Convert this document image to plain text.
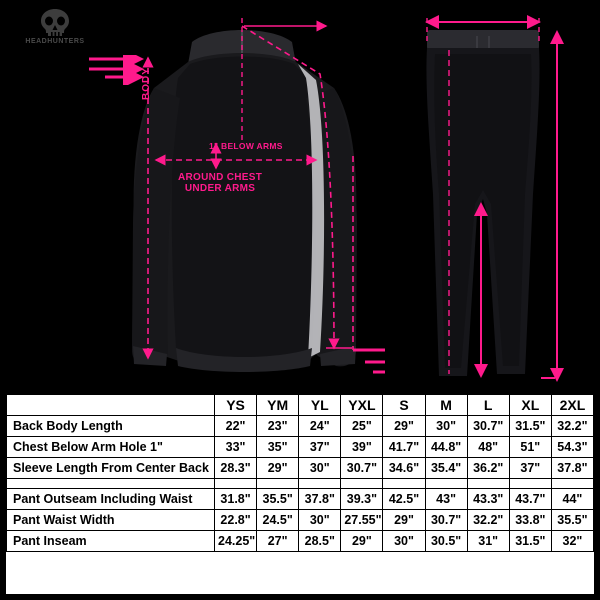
HEADHUNTERS
BODY
1" BELOW ARMS
AROUND CHEST
UNDER ARMS
	YS	YM	YL	YXL	S	M	L	XL	2XL
Back Body Length	22"	23"	24"	25"	29"	30"	30.7"	31.5"	32.2"
Chest Below Arm Hole 1"	33"	35"	37"	39"	41.7"	44.8"	48"	51"	54.3"
Sleeve Length From Center Back	28.3"	29"	30"	30.7"	34.6"	35.4"	36.2"	37"	37.8"

Pant Outseam Including Waist	31.8"	35.5"	37.8"	39.3"	42.5"	43"	43.3"	43.7"	44"
Pant Waist Width	22.8"	24.5"	30"	27.55"	29"	30.7"	32.2"	33.8"	35.5"
Pant Inseam	24.25"	27"	28.5"	29"	30"	30.5"	31"	31.5"	32"
